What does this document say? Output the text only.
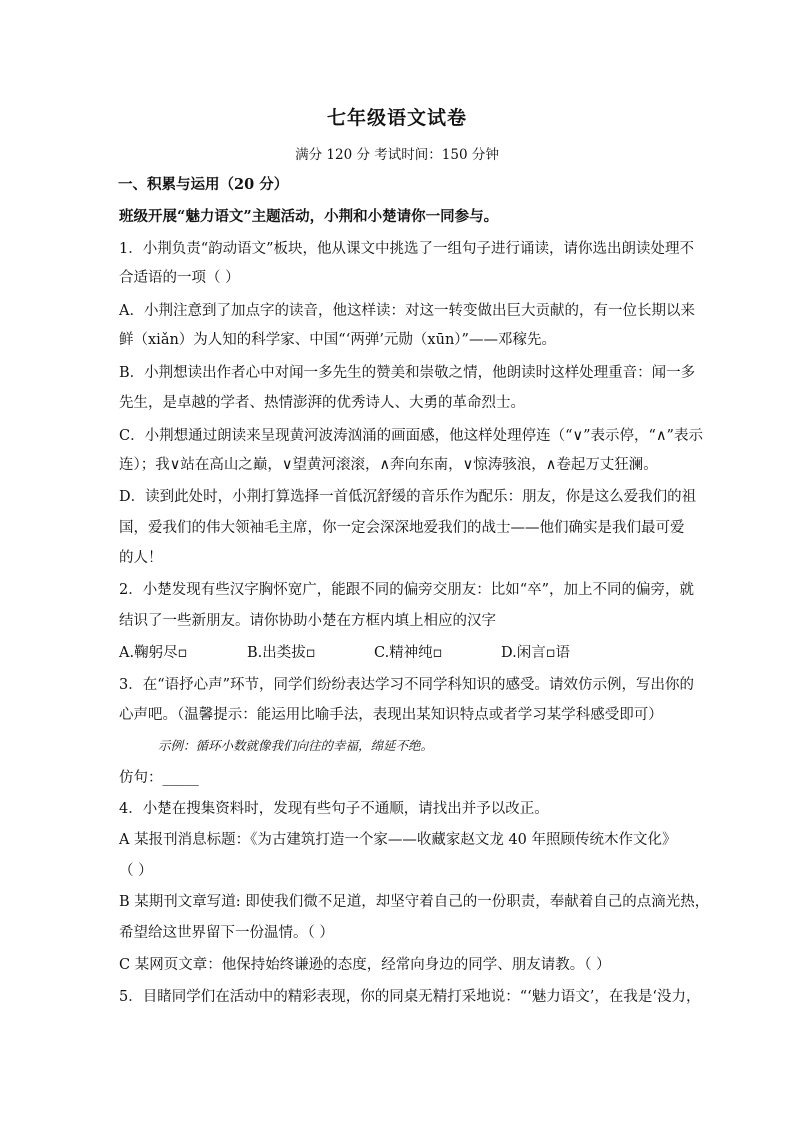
七年级语文试卷
满分 120 分 考试时间：150 分钟
一、积累与运用（20 分）
班级开展“魅力语文”主题活动，小荆和小楚请你一同参与。
1．小荆负责“韵动语文”板块，他从课文中挑选了一组句子进行诵读，请你选出朗读处理不
合适语的一项（ ）
A．小荆注意到了加点字的读音，他这样读：对这一转变做出巨大贡献的，有一位长期以来
鲜（xiǎn）为人知的科学家、中国“‘两弹’元勋（xūn）”——邓稼先。
B．小荆想读出作者心中对闻一多先生的赞美和崇敬之情，他朗读时这样处理重音：闻一多
先生，是卓越的学者、热情澎湃的优秀诗人、大勇的革命烈士。
C．小荆想通过朗读来呈现黄河波涛汹涌的画面感，他这样处理停连（“∨”表示停，“∧”表示
连）；我∨站在高山之巅，∨望黄河滚滚，∧奔向东南，∨惊涛骇浪，∧卷起万丈狂澜。
D．读到此处时，小荆打算选择一首低沉舒缓的音乐作为配乐：朋友，你是这么爱我们的祖
国，爱我们的伟大领袖毛主席，你一定会深深地爱我们的战士——他们确实是我们最可爱
的人！
2．小楚发现有些汉字胸怀宽广，能跟不同的偏旁交朋友：比如“卒”，加上不同的偏旁，就
结识了一些新朋友。请你协助小楚在方框内填上相应的汉字
A.鞠躬尽▫	B.出类拔▫	C.精神纯▫	D.闲言▫语
3．在“语抒心声”环节，同学们纷纷表达学习不同学科知识的感受。请效仿示例，写出你的
心声吧。（温馨提示：能运用比喻手法，表现出某知识特点或者学习某学科感受即可）
示例：循环小数就像我们向往的幸福，绵延不绝。
仿句：_____
4．小楚在搜集资料时，发现有些句子不通顺，请找出并予以改正。
A 某报刊消息标题：《为古建筑打造一个家——收藏家赵文龙 40 年照顾传统木作文化》
（ ）
B 某期刊文章写道: 即使我们微不足道，却坚守着自己的一份职责，奉献着自己的点滴光热，
希望给这世界留下一份温情。（ ）
C 某网页文章：他保持始终谦逊的态度，经常向身边的同学、朋友请教。（ ）
5．目睹同学们在活动中的精彩表现，你的同桌无精打采地说：“‘魅力语文’，在我是‘没力，
